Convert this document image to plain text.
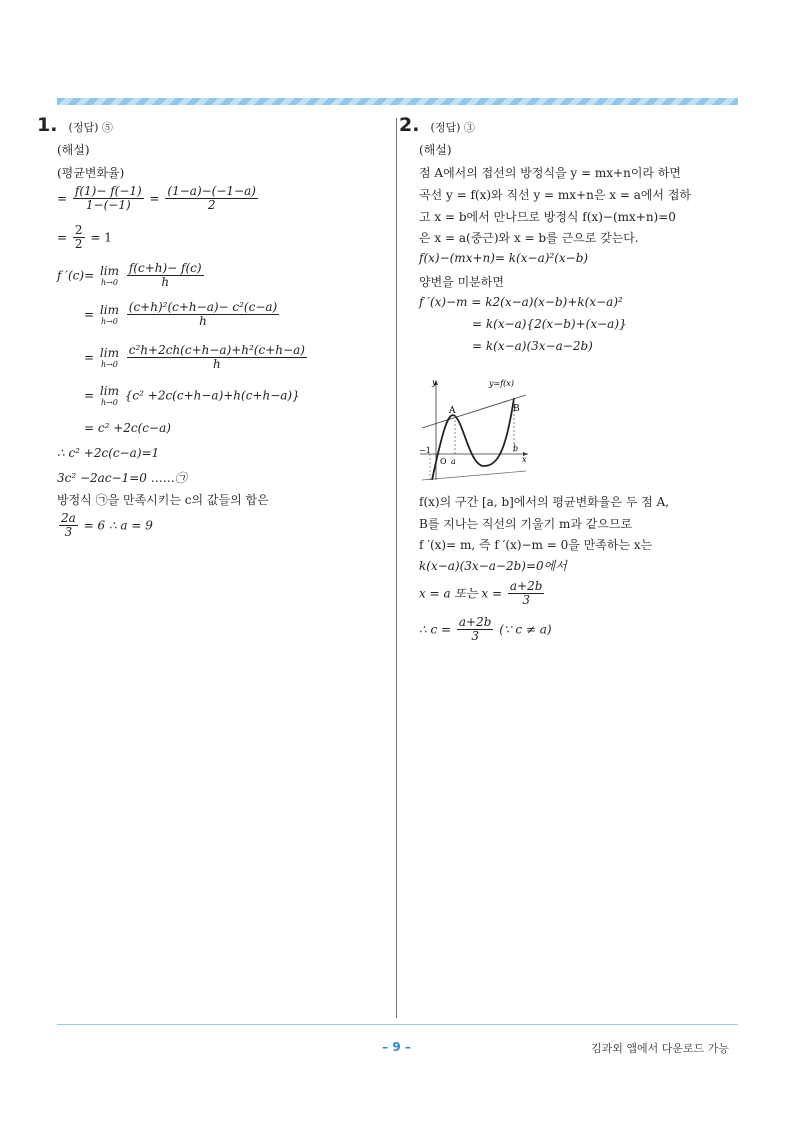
1. (정답) ⑤
(해설)
(평균변화율)
= $\frac{f(1)- f(-1)}{1-(-1)} = \frac{(1-a)-(-1-a)}{2}$
= $\frac{2}{2} = 1$
f ′(c)= lim
h→0
$\frac{f(c+h)- f(c)}{h}$
= lim
h→0
$\frac{\text{(c+h)²(c+h−a)− c²(c−a)}}{h}$
= lim
h→0
$\frac{\text{c²h+2ch(c+h−a)+h²(c+h−a)}}{h}$
= lim
h→0 {c² +2c(c+h−a)+h(c+h−a)}
= c² +2c(c−a)
∴ c² +2c(c−a)=1
3c² −2ac−1=0 ……㉠
방정식 ㉠을 만족시키는 c의 값들의 합은
$\frac{2a}{3} = 6$ ∴ a = 9
2. (정답) ③
(해설)
점 A에서의 접선의 방정식을 y = mx+n이라 하면
곡선 y = f(x)와 직선 y = mx+n은 x = a에서 접하
고 x = b에서 만나므로 방정식 f(x)−(mx+n)=0
은 x = a(중근)와 x = b를 근으로 갖는다.
f(x)−(mx+n)= k(x−a)²(x−b)
양변을 미분하면
f ′(x)−m = k2(x−a)(x−b)+k(x−a)²
= k(x−a){2(x−b)+(x−a)}
= k(x−a)(3x−a−2b)
y=f(x)
y
x
A	B
−1
O a
b
f(x)의 구간 [a, b]에서의 평균변화율은 두 점 A,
B를 지나는 직선의 기울기 m과 같으므로
f ′(x)= m, 즉 f ′(x)−m = 0을 만족하는 x는
k(x−a)(3x−a−2b)=0에서
x = a 또는 $x = \frac{a+2b}{3}$
∴ $c = \frac{a+2b}{3}$ (∵ c ≠ a)
– 9 –	김과외 앱에서 다운로드 가능
